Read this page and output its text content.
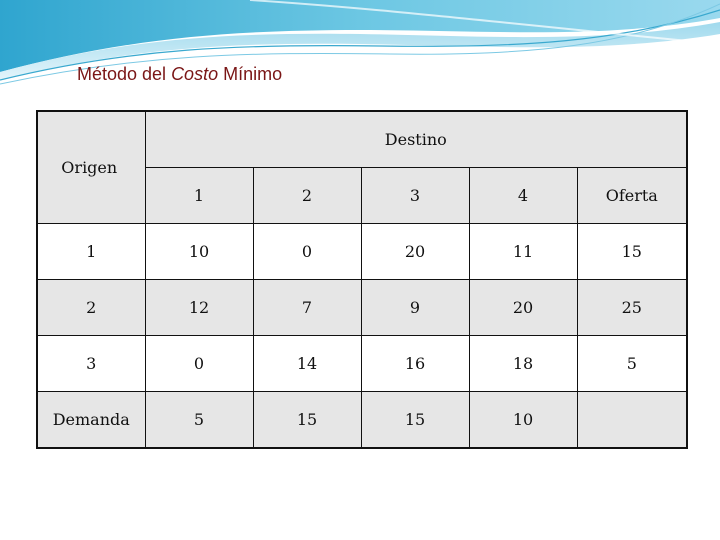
Método del Costo Mínimo
Origen	Destino				
	1	2	3	4	Oferta
1	10	0	20	11	15
2	12	7	9	20	25
3	0	14	16	18	5
Demanda	5	15	15	10	
